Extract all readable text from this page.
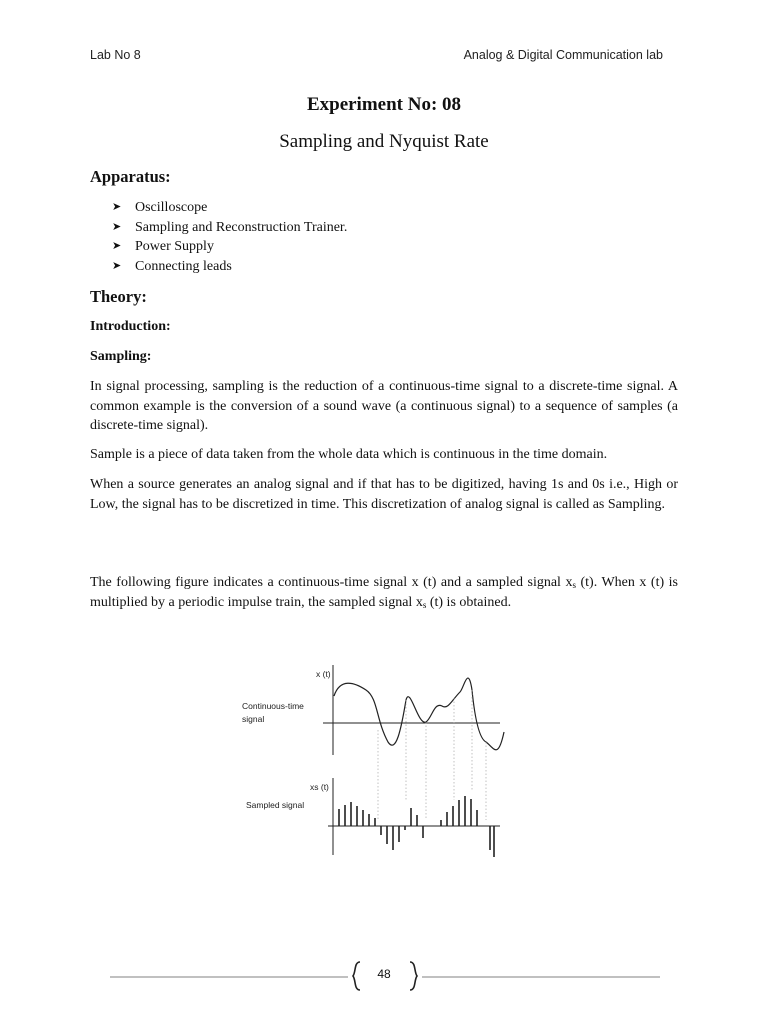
Lab No 8	Analog & Digital Communication lab
Experiment No: 08
Sampling and Nyquist Rate
Apparatus:
➤ Oscilloscope
➤ Sampling and Reconstruction Trainer.
➤ Power Supply
➤ Connecting leads
Theory:
Introduction:
Sampling:

In signal processing, sampling is the reduction of a continuous-time signal to a discrete-time signal. A common example is the conversion of a sound wave (a continuous signal) to a sequence of samples (a discrete-time signal).

Sample is a piece of data taken from the whole data which is continuous in the time domain.

When a source generates an analog signal and if that has to be digitized, having 1s and 0s i.e., High or Low, the signal has to be discretized in time. This discretization of analog signal is called as Sampling.

The following figure indicates a continuous-time signal x (t) and a sampled signal $x_s$ (t). When x (t) is multiplied by a periodic impulse train, the sampled signal $x_s$ (t) is obtained.

x (t)
Continuous-time
signal
xs (t)
Sampled signal
48
